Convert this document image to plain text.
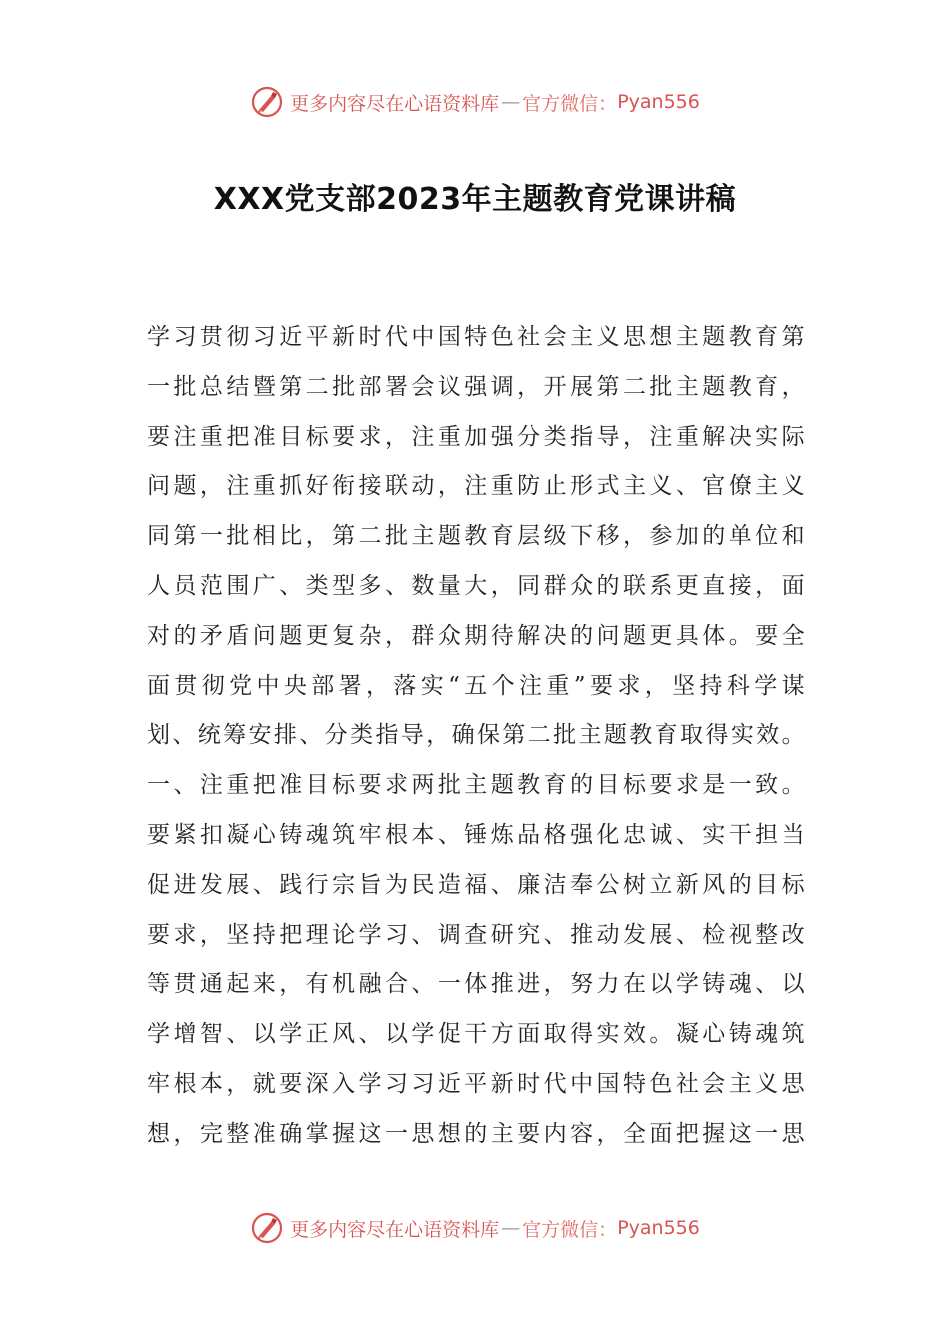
更多内容尽在心语资料库 — 官方微信： Pyan556
XXX党支部2023年主题教育党课讲稿
学习贯彻习近平新时代中国特色社会主义思想主题教育第
一批总结暨第二批部署会议强调，开展第二批主题教育，
要注重把准目标要求，注重加强分类指导，注重解决实际
问题，注重抓好衔接联动，注重防止形式主义、官僚主义
同第一批相比，第二批主题教育层级下移，参加的单位和
人员范围广、类型多、数量大，同群众的联系更直接，面
对的矛盾问题更复杂，群众期待解决的问题更具体。要全
面贯彻党中央部署，落实“五个注重”要求，坚持科学谋
划、统筹安排、分类指导，确保第二批主题教育取得实效。
一、注重把准目标要求两批主题教育的目标要求是一致。
要紧扣凝心铸魂筑牢根本、锤炼品格强化忠诚、实干担当
促进发展、践行宗旨为民造福、廉洁奉公树立新风的目标
要求，坚持把理论学习、调查研究、推动发展、检视整改
等贯通起来，有机融合、一体推进，努力在以学铸魂、以
学增智、以学正风、以学促干方面取得实效。凝心铸魂筑
牢根本，就要深入学习习近平新时代中国特色社会主义思
想，完整准确掌握这一思想的主要内容，全面把握这一思
更多内容尽在心语资料库 — 官方微信： Pyan556
